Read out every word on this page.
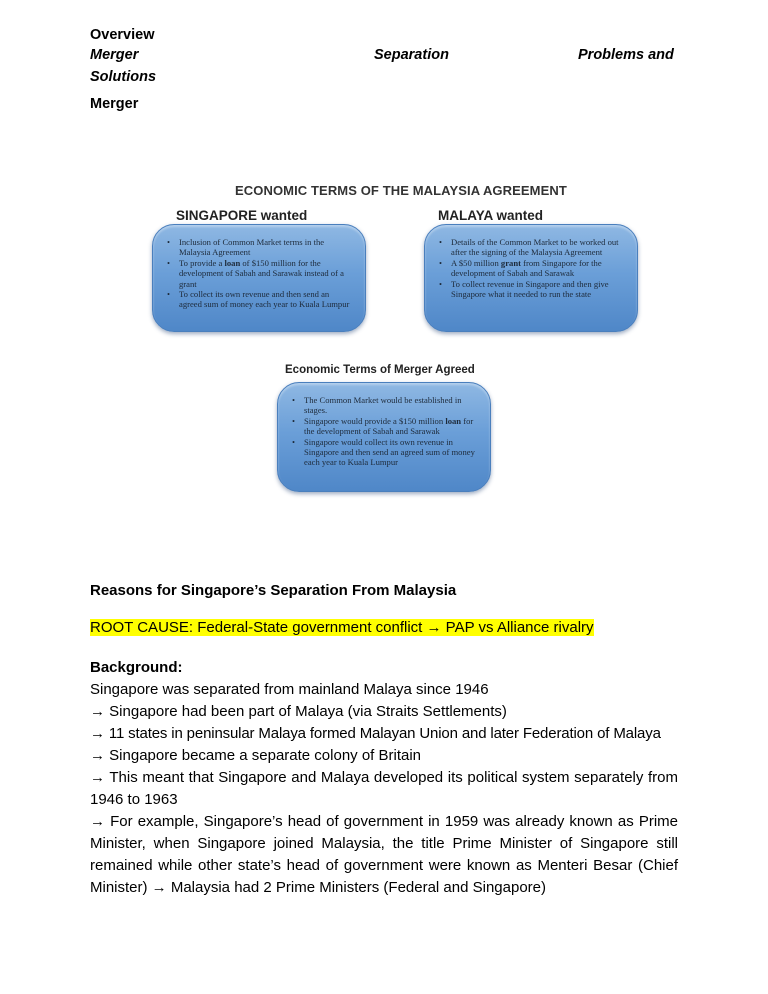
Overview
Merger	Separation	Problems and
Solutions
Merger
ECONOMIC TERMS OF THE MALAYSIA AGREEMENT
SINGAPORE wanted
• Inclusion of Common Market terms in the Malaysia Agreement
• To provide a loan of $150 million for the development of Sabah and Sarawak instead of a grant
• To collect its own revenue and then send an agreed sum of money each year to Kuala Lumpur
MALAYA wanted
• Details of the Common Market to be worked out after the signing of the Malaysia Agreement
• A $50 million grant from Singapore for the development of Sabah and Sarawak
• To collect revenue in Singapore and then give Singapore what it needed to run the state
Economic Terms of Merger Agreed
• The Common Market would be established in stages.
• Singapore would provide a $150 million loan for the development of Sabah and Sarawak
• Singapore would collect its own revenue in Singapore and then send an agreed sum of money each year to Kuala Lumpur
Reasons for Singapore’s Separation From Malaysia
ROOT CAUSE: Federal-State government conflict → PAP vs Alliance rivalry
Background:
Singapore was separated from mainland Malaya since 1946
→ Singapore had been part of Malaya (via Straits Settlements)
→ 11 states in peninsular Malaya formed Malayan Union and later Federation of Malaya
→ Singapore became a separate colony of Britain
→ This meant that Singapore and Malaya developed its political system separately from 1946 to 1963
→ For example, Singapore’s head of government in 1959 was already known as Prime Minister, when Singapore joined Malaysia, the title Prime Minister of Singapore still remained while other state’s head of government were known as Menteri Besar (Chief Minister) → Malaysia had 2 Prime Ministers (Federal and Singapore)
